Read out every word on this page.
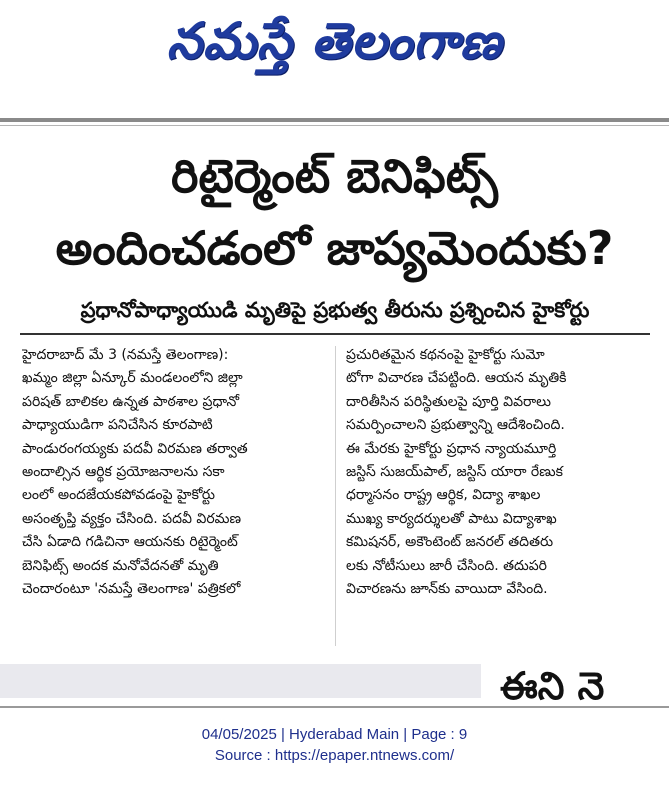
నమస్తే తెలంగాణ
రిటైర్మెంట్ బెనిఫిట్స్
అందించడంలో జాప్యమెందుకు?
ప్రధానోపాధ్యాయుడి మృతిపై ప్రభుత్వ తీరును ప్రశ్నించిన హైకోర్టు
హైదరాబాద్ మే 3 (నమస్తే తెలంగాణ):
ఖమ్మం జిల్లా ఏన్కూర్ మండలంలోని జిల్లా
పరిషత్ బాలికల ఉన్నత పాఠశాల ప్రధానో
పాధ్యాయుడిగా పనిచేసిన కూరపాటి
పాండురంగయ్యకు పదవీ విరమణ తర్వాత
అందాల్సిన ఆర్థిక ప్రయోజనాలను సకా
లంలో అందజేయకపోవడంపై హైకోర్టు
అసంతృప్తి వ్యక్తం చేసింది. పదవీ విరమణ
చేసి ఏడాది గడిచినా ఆయనకు రిటైర్మెంట్
బెనిఫిట్స్ అందక మనోవేదనతో మృతి
చెందారంటూ 'నమస్తే తెలంగాణ' పత్రికలో
ప్రచురితమైన కథనంపై హైకోర్టు సుమో
టోగా విచారణ చేపట్టింది. ఆయన మృతికి
దారితీసిన పరిస్థితులపై పూర్తి వివరాలు
సమర్పించాలని ప్రభుత్వాన్ని ఆదేశించింది.
ఈ మేరకు హైకోర్టు ప్రధాన న్యాయమూర్తి
జస్టిస్ సుజయ్‌పాల్, జస్టిస్ యారా రేణుక
ధర్మాసనం రాష్ట్ర ఆర్థిక, విద్యా శాఖల
ముఖ్య కార్యదర్శులతో పాటు విద్యాశాఖ
కమిషనర్, అకౌంటెంట్ జనరల్ తదితరు
లకు నోటీసులు జారీ చేసింది. తదుపరి
విచారణను జూన్‌కు వాయిదా వేసింది.
ఈని నె
04/05/2025 | Hyderabad Main | Page : 9
Source : https://epaper.ntnews.com/
